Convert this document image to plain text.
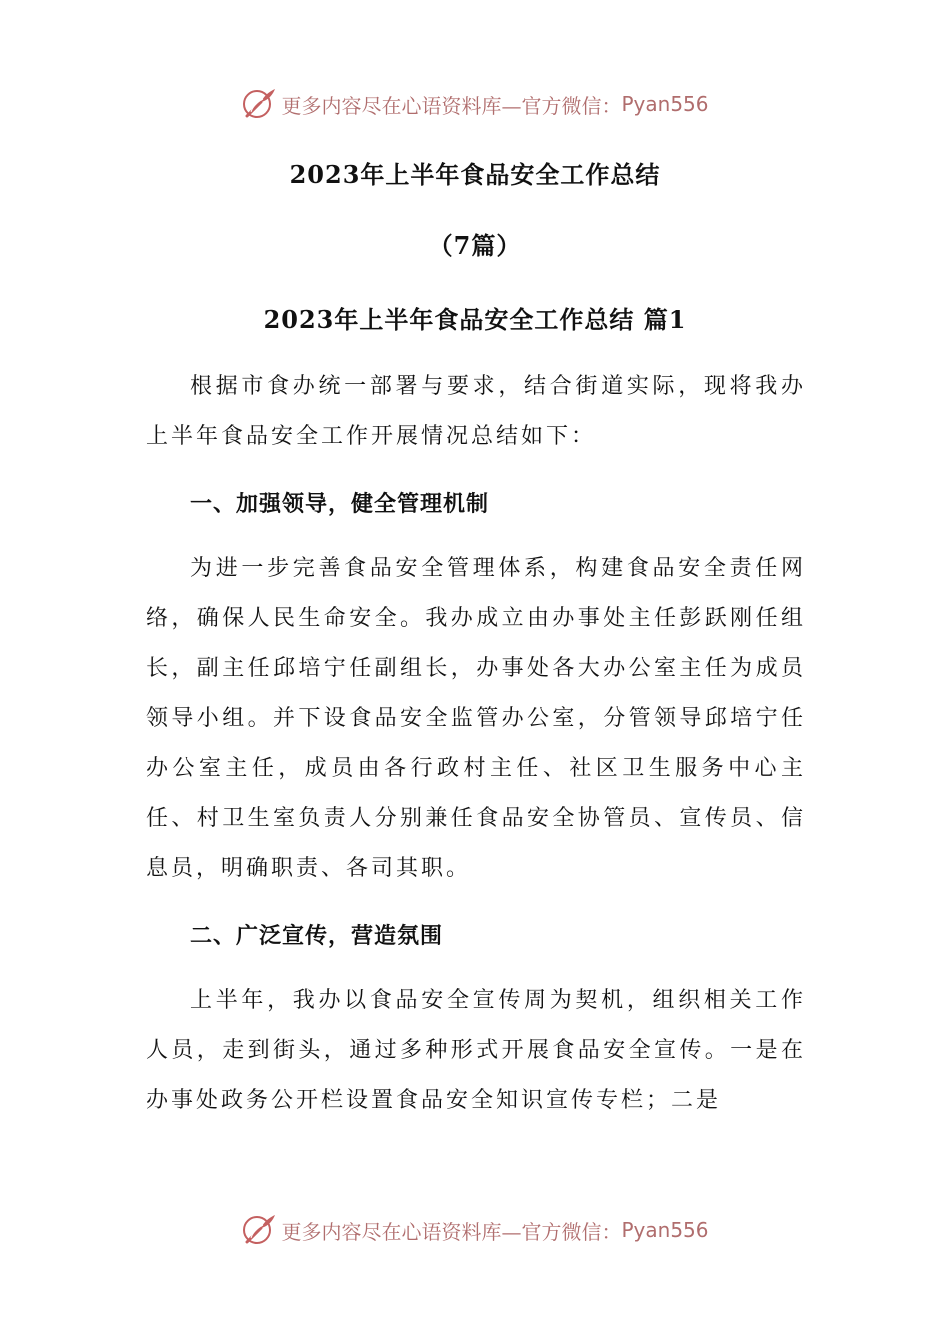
更多内容尽在心语资料库—官方微信： Pyan556
2023年上半年食品安全工作总结
（7篇）
2023年上半年食品安全工作总结 篇1

根据市食办统一部署与要求，结合街道实际，现将我办上半年食品安全工作开展情况总结如下：

一、加强领导，健全管理机制

为进一步完善食品安全管理体系，构建食品安全责任网络，确保人民生命安全。我办成立由办事处主任彭跃刚任组长，副主任邱培宁任副组长，办事处各大办公室主任为成员领导小组。并下设食品安全监管办公室，分管领导邱培宁任办公室主任，成员由各行政村主任、社区卫生服务中心主任、村卫生室负责人分别兼任食品安全协管员、宣传员、信息员，明确职责、各司其职。

二、广泛宣传，营造氛围

上半年，我办以食品安全宣传周为契机，组织相关工作人员，走到街头，通过多种形式开展食品安全宣传。一是在办事处政务公开栏设置食品安全知识宣传专栏；二是

更多内容尽在心语资料库—官方微信： Pyan556
